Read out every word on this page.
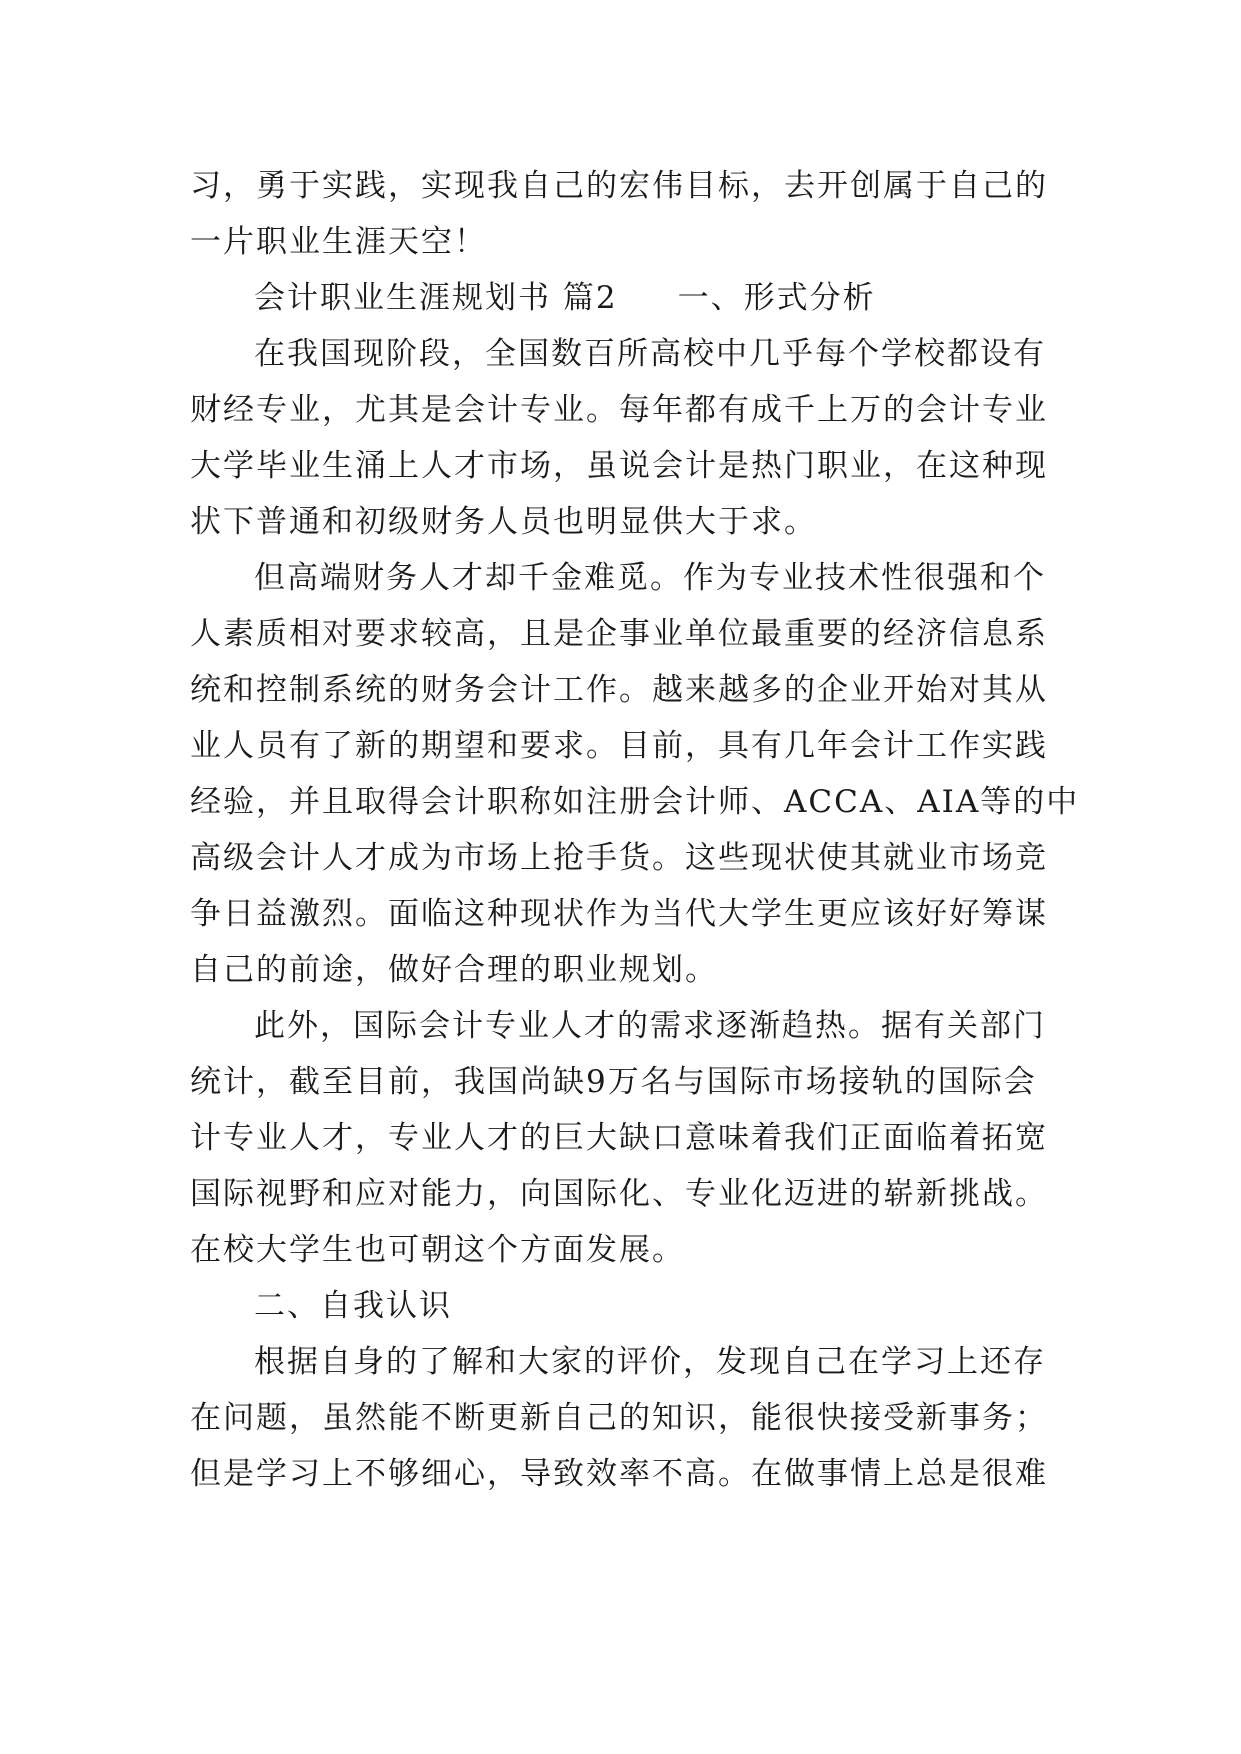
习，勇于实践，实现我自己的宏伟目标，去开创属于自己的
一片职业生涯天空！
会计职业生涯规划书 篇2 一、形式分析
在我国现阶段，全国数百所高校中几乎每个学校都设有
财经专业，尤其是会计专业。每年都有成千上万的会计专业
大学毕业生涌上人才市场，虽说会计是热门职业，在这种现
状下普通和初级财务人员也明显供大于求。
但高端财务人才却千金难觅。作为专业技术性很强和个
人素质相对要求较高，且是企事业单位最重要的经济信息系
统和控制系统的财务会计工作。越来越多的企业开始对其从
业人员有了新的期望和要求。目前，具有几年会计工作实践
经验，并且取得会计职称如注册会计师、ACCA、AIA等的中
高级会计人才成为市场上抢手货。这些现状使其就业市场竞
争日益激烈。面临这种现状作为当代大学生更应该好好筹谋
自己的前途，做好合理的职业规划。
此外，国际会计专业人才的需求逐渐趋热。据有关部门
统计，截至目前，我国尚缺9万名与国际市场接轨的国际会
计专业人才，专业人才的巨大缺口意味着我们正面临着拓宽
国际视野和应对能力，向国际化、专业化迈进的崭新挑战。
在校大学生也可朝这个方面发展。
二、自我认识
根据自身的了解和大家的评价，发现自己在学习上还存
在问题，虽然能不断更新自己的知识，能很快接受新事务；
但是学习上不够细心，导致效率不高。在做事情上总是很难
